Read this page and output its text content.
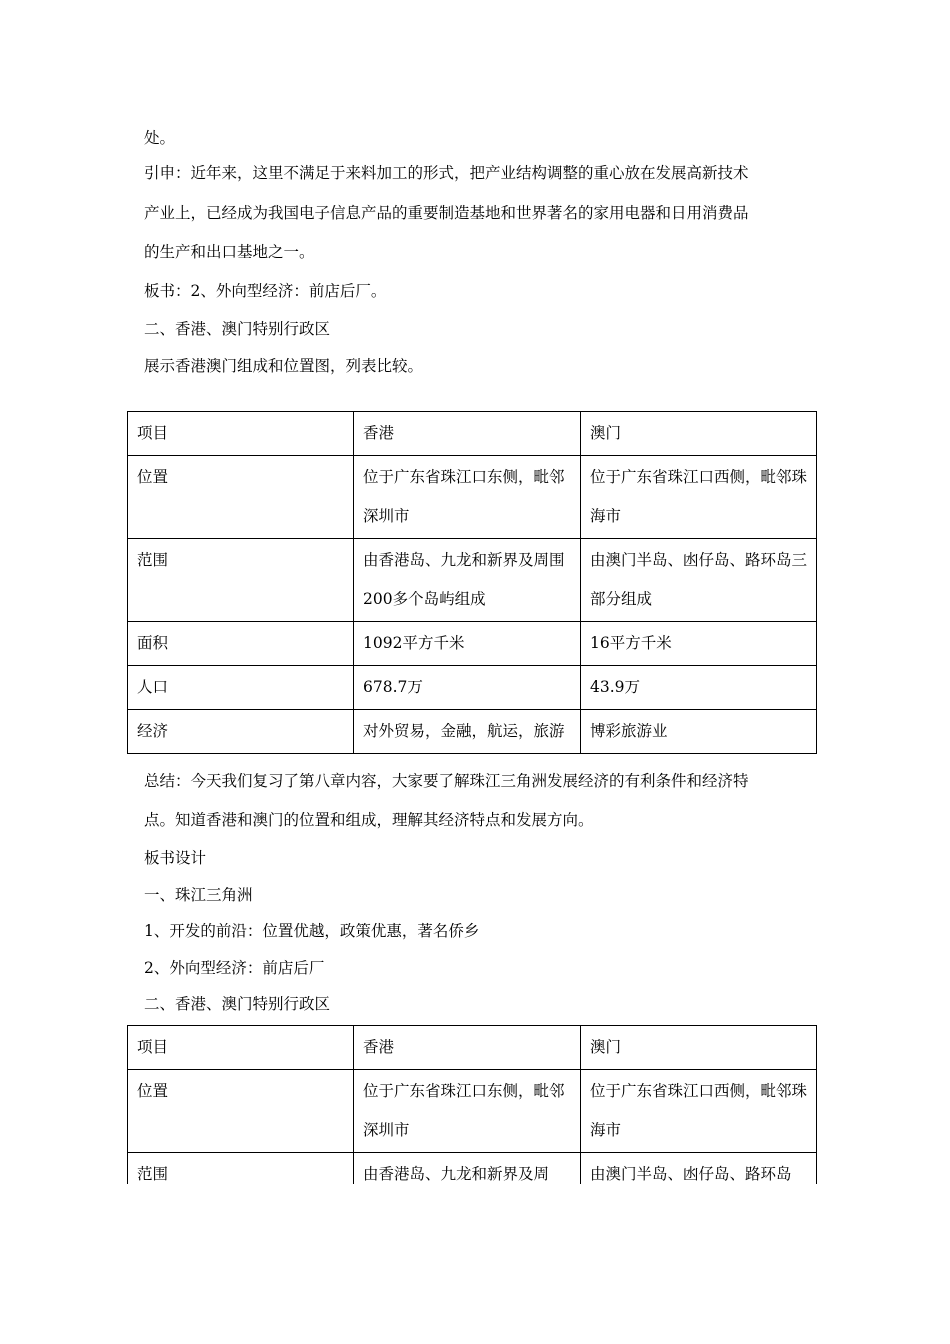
处。
引申：近年来，这里不满足于来料加工的形式，把产业结构调整的重心放在发展高新技术
产业上，已经成为我国电子信息产品的重要制造基地和世界著名的家用电器和日用消费品
的生产和出口基地之一。
板书：2、外向型经济：前店后厂。
二、香港、澳门特别行政区
展示香港澳门组成和位置图，列表比较。
项目	香港	澳门
位置	位于广东省珠江口东侧，毗邻深圳市	位于广东省珠江口西侧，毗邻珠海市
范围	由香港岛、九龙和新界及周围200多个岛屿组成	由澳门半岛、凼仔岛、路环岛三部分组成
面积	1092平方千米	16平方千米
人口	678.7万	43.9万
经济	对外贸易，金融，航运，旅游	博彩旅游业
总结：今天我们复习了第八章内容，大家要了解珠江三角洲发展经济的有利条件和经济特
点。知道香港和澳门的位置和组成，理解其经济特点和发展方向。
板书设计
一、珠江三角洲
1、开发的前沿：位置优越，政策优惠，著名侨乡
2、外向型经济：前店后厂
二、香港、澳门特别行政区
项目	香港	澳门
位置	位于广东省珠江口东侧，毗邻深圳市	位于广东省珠江口西侧，毗邻珠海市
范围	由香港岛、九龙和新界及周	由澳门半岛、凼仔岛、路环岛
